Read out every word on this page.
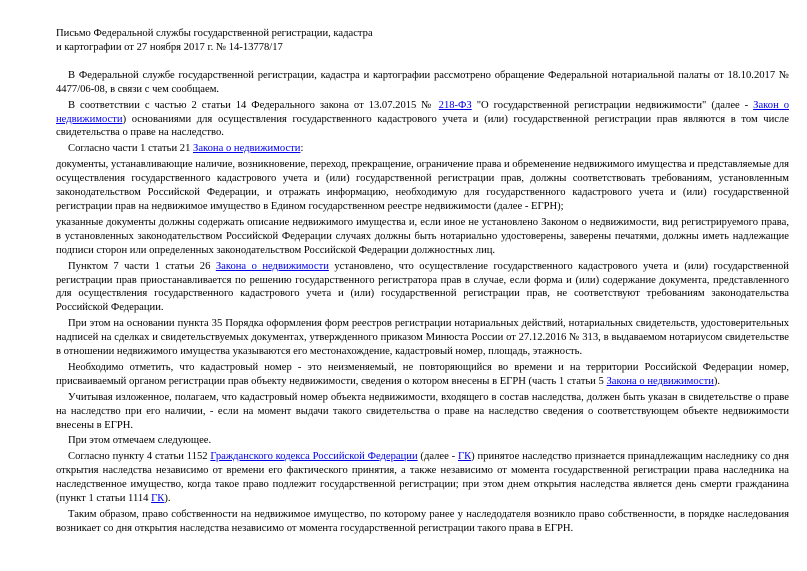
Письмо Федеральной службы государственной регистрации, кадастра
и картографии от 27 ноября 2017 г. № 14-13778/17

В Федеральной службе государственной регистрации, кадастра и картографии рассмотрено обращение Федеральной нотариальной палаты от 18.10.2017 № 4477/06-08, в связи с чем сообщаем.

В соответствии с частью 2 статьи 14 Федерального закона от 13.07.2015 № 218-ФЗ "О государственной регистрации недвижимости" (далее - Закон о недвижимости) основаниями для осуществления государственного кадастрового учета и (или) государственной регистрации прав являются в том числе свидетельства о праве на наследство.

Согласно части 1 статьи 21 Закона о недвижимости:

документы, устанавливающие наличие, возникновение, переход, прекращение, ограничение права и обременение недвижимого имущества и представляемые для осуществления государственного кадастрового учета и (или) государственной регистрации прав, должны соответствовать требованиям, установленным законодательством Российской Федерации, и отражать информацию, необходимую для государственного кадастрового учета и (или) государственной регистрации прав на недвижимое имущество в Едином государственном реестре недвижимости (далее - ЕГРН);

указанные документы должны содержать описание недвижимого имущества и, если иное не установлено Законом о недвижимости, вид регистрируемого права, в установленных законодательством Российской Федерации случаях должны быть нотариально удостоверены, заверены печатями, должны иметь надлежащие подписи сторон или определенных законодательством Российской Федерации должностных лиц.

Пунктом 7 части 1 статьи 26 Закона о недвижимости установлено, что осуществление государственного кадастрового учета и (или) государственной регистрации прав приостанавливается по решению государственного регистратора прав в случае, если форма и (или) содержание документа, представленного для осуществления государственного кадастрового учета и (или) государственной регистрации прав, не соответствуют требованиям законодательства Российской Федерации.

При этом на основании пункта 35 Порядка оформления форм реестров регистрации нотариальных действий, нотариальных свидетельств, удостоверительных надписей на сделках и свидетельствуемых документах, утвержденного приказом Минюста России от 27.12.2016 № 313, в выдаваемом нотариусом свидетельстве в отношении недвижимого имущества указываются его местонахождение, кадастровый номер, площадь, этажность.

Необходимо отметить, что кадастровый номер - это неизменяемый, не повторяющийся во времени и на территории Российской Федерации номер, присваиваемый органом регистрации прав объекту недвижимости, сведения о котором внесены в ЕГРН (часть 1 статьи 5 Закона о недвижимости).

Учитывая изложенное, полагаем, что кадастровый номер объекта недвижимости, входящего в состав наследства, должен быть указан в свидетельстве о праве на наследство при его наличии, - если на момент выдачи такого свидетельства о праве на наследство сведения о соответствующем объекте недвижимости внесены в ЕГРН.

При этом отмечаем следующее.

Согласно пункту 4 статьи 1152 Гражданского кодекса Российской Федерации (далее - ГК) принятое наследство признается принадлежащим наследнику со дня открытия наследства независимо от времени его фактического принятия, а также независимо от момента государственной регистрации права наследника на наследственное имущество, когда такое право подлежит государственной регистрации; при этом днем открытия наследства является день смерти гражданина (пункт 1 статьи 1114 ГК).

Таким образом, право собственности на недвижимое имущество, по которому ранее у наследодателя возникло право собственности, в порядке наследования возникает со дня открытия наследства независимо от момента государственной регистрации такого права в ЕГРН.
